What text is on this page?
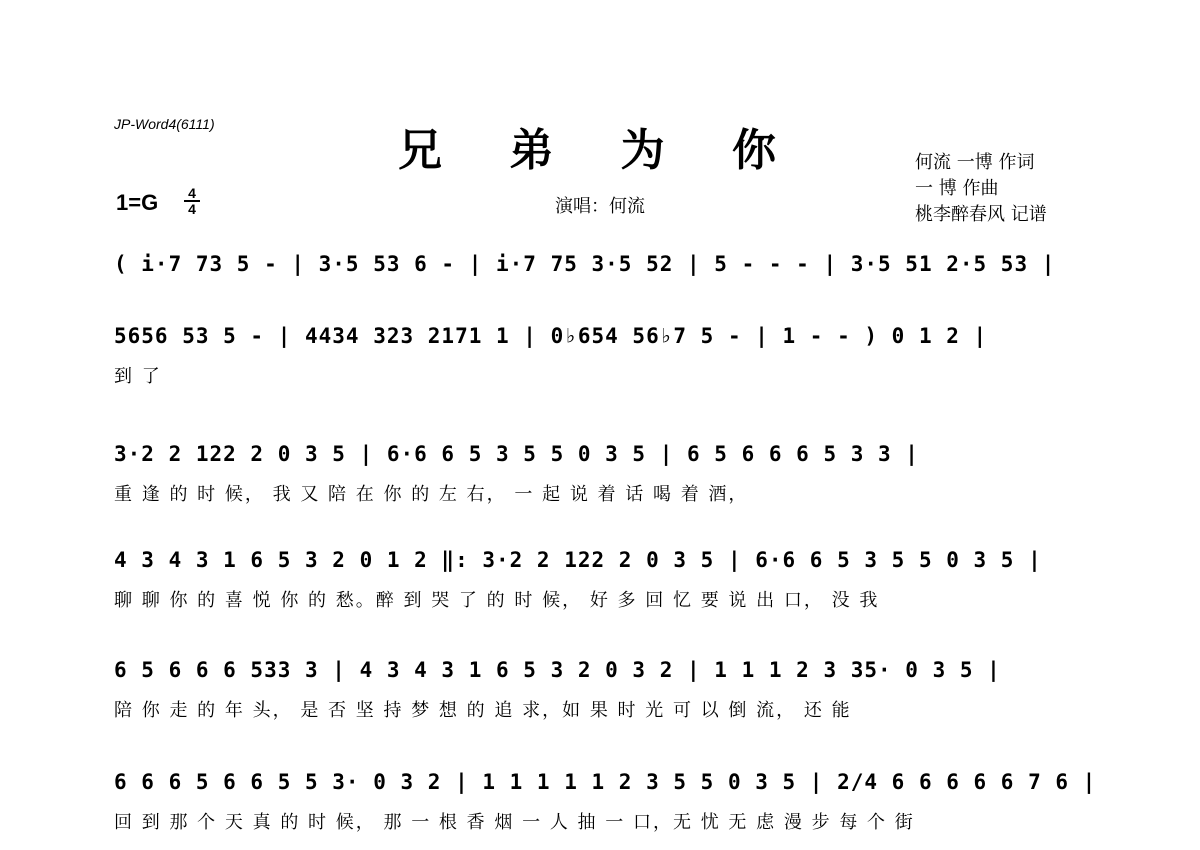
JP-Word4(6111)
兄 弟 为 你
1=G 4
4	演唱：何流
何流 一博 作词
一 博 作曲
桃李醉春风 记谱
( i·7 73 5 - | 3·5 53 6 - | i·7 75 3·5 52 | 5 - - - | 3·5 51 2·5 53 |
5656 53 5 - | 4434 323 2171 1 | 0♭654 56♭7 5 - | 1 - - ) 0 1 2 |
到 了
3·2 2 122 2 0 3 5 | 6·6 6 5 3 5 5 0 3 5 | 6 5 6 6 6 5 3 3 |
重 逢 的 时 候， 我 又 陪 在 你 的 左 右， 一 起 说 着 话 喝 着 酒，
4 3 4 3 1 6 5 3 2 0 1 2 ‖: 3·2 2 122 2 0 3 5 | 6·6 6 5 3 5 5 0 3 5 |
聊 聊 你 的 喜 悦 你 的 愁。醉 到 哭 了 的 时 候， 好 多 回 忆 要 说 出 口， 没 我
6 5 6 6 6 533 3 | 4 3 4 3 1 6 5 3 2 0 3 2 | 1 1 1 2 3 35· 0 3 5 |
陪 你 走 的 年 头， 是 否 坚 持 梦 想 的 追 求，如 果 时 光 可 以 倒 流， 还 能
6 6 6 5 6 6 5 5 3· 0 3 2 | 1 1 1 1 1 2 3 5 5 0 3 5 | 2/4 6 6 6 6 6 7 6 |
回 到 那 个 天 真 的 时 候， 那 一 根 香 烟 一 人 抽 一 口，无 忧 无 虑 漫 步 每 个 街
